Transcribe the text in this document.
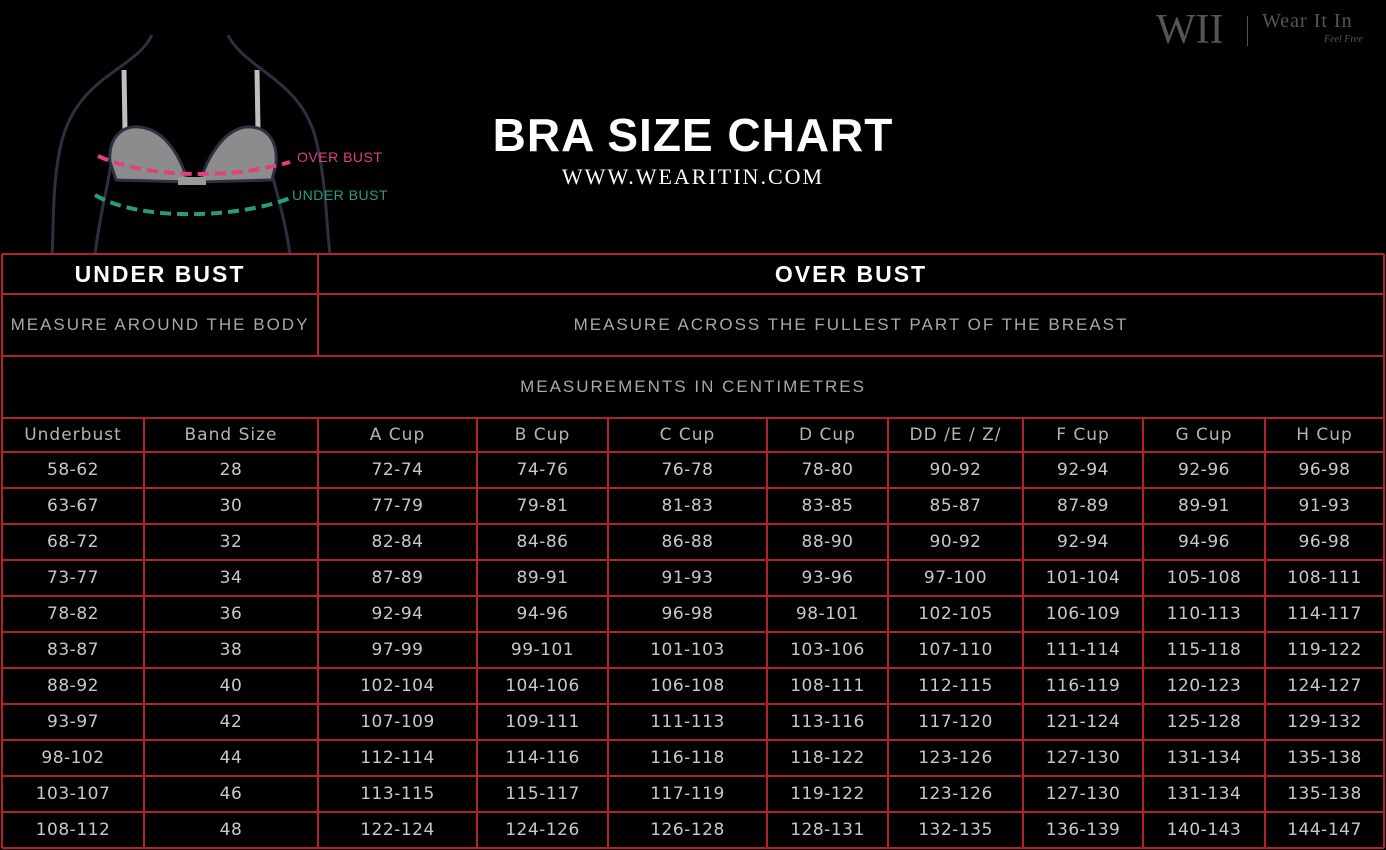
WII Wear It In
Feel Free
OVER BUST
UNDER BUST
BRA SIZE CHART
WWW.WEARITIN.COM
UNDER BUST	OVER BUST
MEASURE AROUND THE BODY	MEASURE ACROSS THE FULLEST PART OF THE BREAST
MEASUREMENTS IN CENTIMETRES
Underbust	Band Size	A Cup	B Cup	C Cup	D Cup	DD /E / Z/	F Cup	G Cup	H Cup
58-62	28	72-74	74-76	76-78	78-80	90-92	92-94	92-96	96-98
63-67	30	77-79	79-81	81-83	83-85	85-87	87-89	89-91	91-93
68-72	32	82-84	84-86	86-88	88-90	90-92	92-94	94-96	96-98
73-77	34	87-89	89-91	91-93	93-96	97-100	101-104	105-108	108-111
78-82	36	92-94	94-96	96-98	98-101	102-105	106-109	110-113	114-117
83-87	38	97-99	99-101	101-103	103-106	107-110	111-114	115-118	119-122
88-92	40	102-104	104-106	106-108	108-111	112-115	116-119	120-123	124-127
93-97	42	107-109	109-111	111-113	113-116	117-120	121-124	125-128	129-132
98-102	44	112-114	114-116	116-118	118-122	123-126	127-130	131-134	135-138
103-107	46	113-115	115-117	117-119	119-122	123-126	127-130	131-134	135-138
108-112	48	122-124	124-126	126-128	128-131	132-135	136-139	140-143	144-147
